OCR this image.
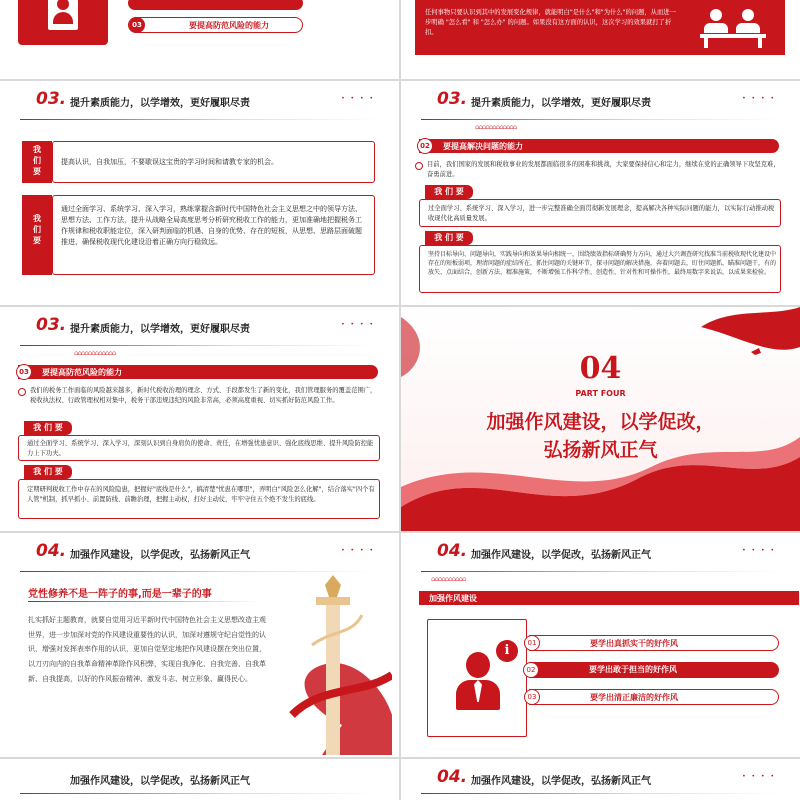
03	要提高防范风险的能力
任何事物只要认识到其中的发展变化规律，就能明白"是什么"和"为什么"的问题，从而进一步明确 "怎么看" 和 "怎么办" 的问题。如果没有这方面的认识，这次学习的效果就打了折扣。
03. 提升素质能力，以学增效，更好履职尽责	• • • •
我们要
提高认识，自我加压，不要歇误这宝贵的学习时间和请教专家的机会。
我们要
通过全面学习、系统学习、深入学习，熟练掌握含新时代中国特色社会主义思想之中的领导方法、思想方法、工作方法，提升从战略全局高度思考分析研究税收工作的能力，更加准确地把握税务工作规律和税收职能定位，深入研判面临的机遇、自身的优势、存在的短板，从思想、思路层面破题推进，确保税收现代化建设沿着正确方向行稳致远。
03. 提升素质能力，以学增效，更好履职尽责	• • • •
⌂⌂⌂⌂⌂⌂⌂⌂⌂⌂⌂⌂
02	要提高解决问题的能力
目前，我们国家的发展和税收事业的发展都面临很多的困难和挑战，大家要保持信心和定力，继续在党的正确领导下攻坚克难，奋勇前进。
我 们 要
过全面学习、系统学习、深入学习，进一步完整准确全面贯彻新发展理念，提高解决各种实际问题的能力，以实际行动推动税收现代化高质量发展。
我 们 要
坚持目标导向、问题导向，实践导向和效果导向相统一，围绕绩效指标研确努力方向，通过大兴调查研究找准当前税收现代化建设中存在的短板弱项，理清问题的症结所在，抓住问题的关键环节，探寻问题的解决措施，奔着问题去，盯住问题抓，瞄准问题干，有的放矢、点面结合，创新方法、精准施策，不断增强工作科学性、创造性、针对性和可操作性，最终用数字来说话，以成果来检验。
03. 提升素质能力，以学增效，更好履职尽责	• • • •
⌂⌂⌂⌂⌂⌂⌂⌂⌂⌂⌂⌂
03	要提高防范风险的能力
我们的税务工作面临的风险越来越多，新时代税收治理的理念、方式、手段都发生了新的变化，我们管理服务的覆盖范围广，税收执法权、行政管理权相对集中，税务干部违规违纪的风险非常高，必须高度重视、切实抓好防范风险工作。
我 们 要
通过全面学习、系统学习、深入学习，深刻认识到自身肩负的使命、责任，在增强忧患意识、强化底线思维、提升风险防控能力上下功夫。
我 们 要
定期研判税收工作中存在的风险隐患，把握好"底线是什么"，搞清楚"忧患在哪里"，弄明白"风险怎么化解"，结合落实"四个有人管"机制，抓早抓小、前置防线、前瞻治理，把握主动权，打好主动仗，牢牢守住五个绝不发生的底线。
04
PART FOUR
加强作风建设，以学促改，
弘扬新风正气
04. 加强作风建设，以学促改，弘扬新风正气	• • • •
党性修养不是一阵子的事,而是一辈子的事
扎实抓好主题教育，就要自觉用习近平新时代中国特色社会主义思想改造主观世界，进一步加深对党的作风建设重要性的认识，加深对遵规守纪自觉性的认识，增强对发挥表率作用的认识，更加自觉坚定地把作风建设摆在突出位置，以刀刃向内的自我革命精神革除作风积弊，实现自我净化、自我完善、自我革新、自我提高，以好的作风振奋精神、激发斗志、树立形象、赢得民心。
04. 加强作风建设，以学促改，弘扬新风正气	• • • •
⌂⌂⌂⌂⌂⌂⌂⌂⌂⌂
加强作风建设
i	01	要学出真抓实干的好作风
02	要学出敢于担当的好作风
03	要学出清正廉洁的好作风
加强作风建设，以学促改，弘扬新风正气	04. 加强作风建设，以学促改，弘扬新风正气	• • • •
